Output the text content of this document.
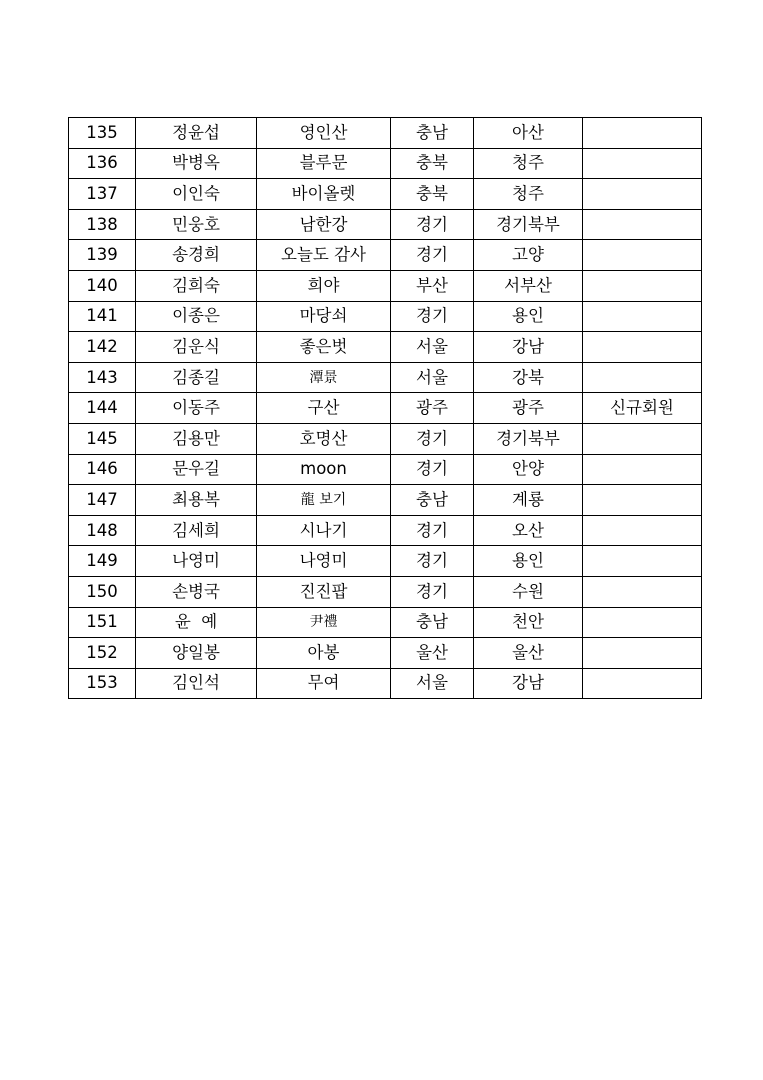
135	정윤섭	영인산	충남	아산	
136	박병옥	블루문	충북	청주	
137	이인숙	바이올렛	충북	청주	
138	민웅호	남한강	경기	경기북부	
139	송경희	오늘도 감사	경기	고양	
140	김희숙	희야	부산	서부산	
141	이종은	마당쇠	경기	용인	
142	김운식	좋은벗	서울	강남	
143	김종길	潭景	서울	강북	
144	이동주	구산	광주	광주	신규회원
145	김용만	호명산	경기	경기북부	
146	문우길	moon	경기	안양	
147	최용복	龍 보기	충남	계룡	
148	김세희	시나기	경기	오산	
149	나영미	나영미	경기	용인	
150	손병국	진진팝	경기	수원	
151	윤  예	尹禮	충남	천안	
152	양일봉	아봉	울산	울산	
153	김인석	무여	서울	강남	
